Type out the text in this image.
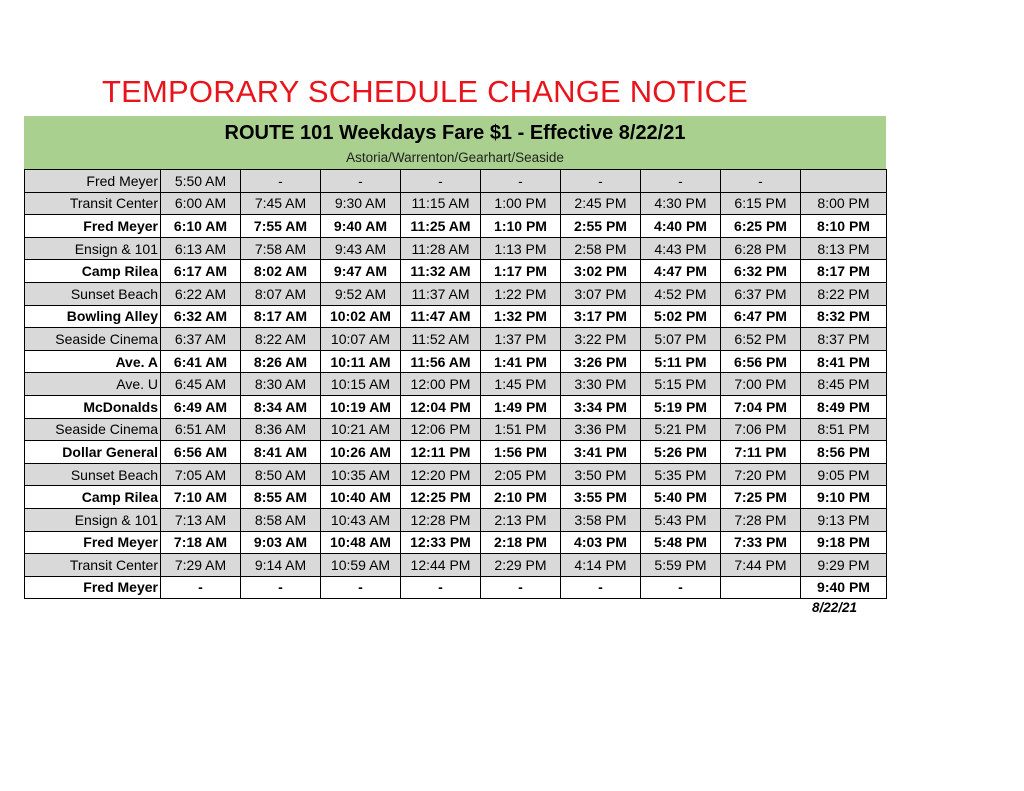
TEMPORARY SCHEDULE CHANGE NOTICE
ROUTE 101 Weekdays Fare $1 - Effective 8/22/21
Astoria/Warrenton/Gearhart/Seaside
Fred Meyer	5:50 AM	-	-	-	-	-	-	-	
Transit Center	6:00 AM	7:45 AM	9:30 AM	11:15 AM	1:00 PM	2:45 PM	4:30 PM	6:15 PM	8:00 PM
Fred Meyer	6:10 AM	7:55 AM	9:40 AM	11:25 AM	1:10 PM	2:55 PM	4:40 PM	6:25 PM	8:10 PM
Ensign & 101	6:13 AM	7:58 AM	9:43 AM	11:28 AM	1:13 PM	2:58 PM	4:43 PM	6:28 PM	8:13 PM
Camp Rilea	6:17 AM	8:02 AM	9:47 AM	11:32 AM	1:17 PM	3:02 PM	4:47 PM	6:32 PM	8:17 PM
Sunset Beach	6:22 AM	8:07 AM	9:52 AM	11:37 AM	1:22 PM	3:07 PM	4:52 PM	6:37 PM	8:22 PM
Bowling Alley	6:32 AM	8:17 AM	10:02 AM	11:47 AM	1:32 PM	3:17 PM	5:02 PM	6:47 PM	8:32 PM
Seaside Cinema	6:37 AM	8:22 AM	10:07 AM	11:52 AM	1:37 PM	3:22 PM	5:07 PM	6:52 PM	8:37 PM
Ave. A	6:41 AM	8:26 AM	10:11 AM	11:56 AM	1:41 PM	3:26 PM	5:11 PM	6:56 PM	8:41 PM
Ave. U	6:45 AM	8:30 AM	10:15 AM	12:00 PM	1:45 PM	3:30 PM	5:15 PM	7:00 PM	8:45 PM
McDonalds	6:49 AM	8:34 AM	10:19 AM	12:04 PM	1:49 PM	3:34 PM	5:19 PM	7:04 PM	8:49 PM
Seaside Cinema	6:51 AM	8:36 AM	10:21 AM	12:06 PM	1:51 PM	3:36 PM	5:21 PM	7:06 PM	8:51 PM
Dollar General	6:56 AM	8:41 AM	10:26 AM	12:11 PM	1:56 PM	3:41 PM	5:26 PM	7:11 PM	8:56 PM
Sunset Beach	7:05 AM	8:50 AM	10:35 AM	12:20 PM	2:05 PM	3:50 PM	5:35 PM	7:20 PM	9:05 PM
Camp Rilea	7:10 AM	8:55 AM	10:40 AM	12:25 PM	2:10 PM	3:55 PM	5:40 PM	7:25 PM	9:10 PM
Ensign & 101	7:13 AM	8:58 AM	10:43 AM	12:28 PM	2:13 PM	3:58 PM	5:43 PM	7:28 PM	9:13 PM
Fred Meyer	7:18 AM	9:03 AM	10:48 AM	12:33 PM	2:18 PM	4:03 PM	5:48 PM	7:33 PM	9:18 PM
Transit Center	7:29 AM	9:14 AM	10:59 AM	12:44 PM	2:29 PM	4:14 PM	5:59 PM	7:44 PM	9:29 PM
Fred Meyer	-	-	-	-	-	-	-		9:40 PM
8/22/21
